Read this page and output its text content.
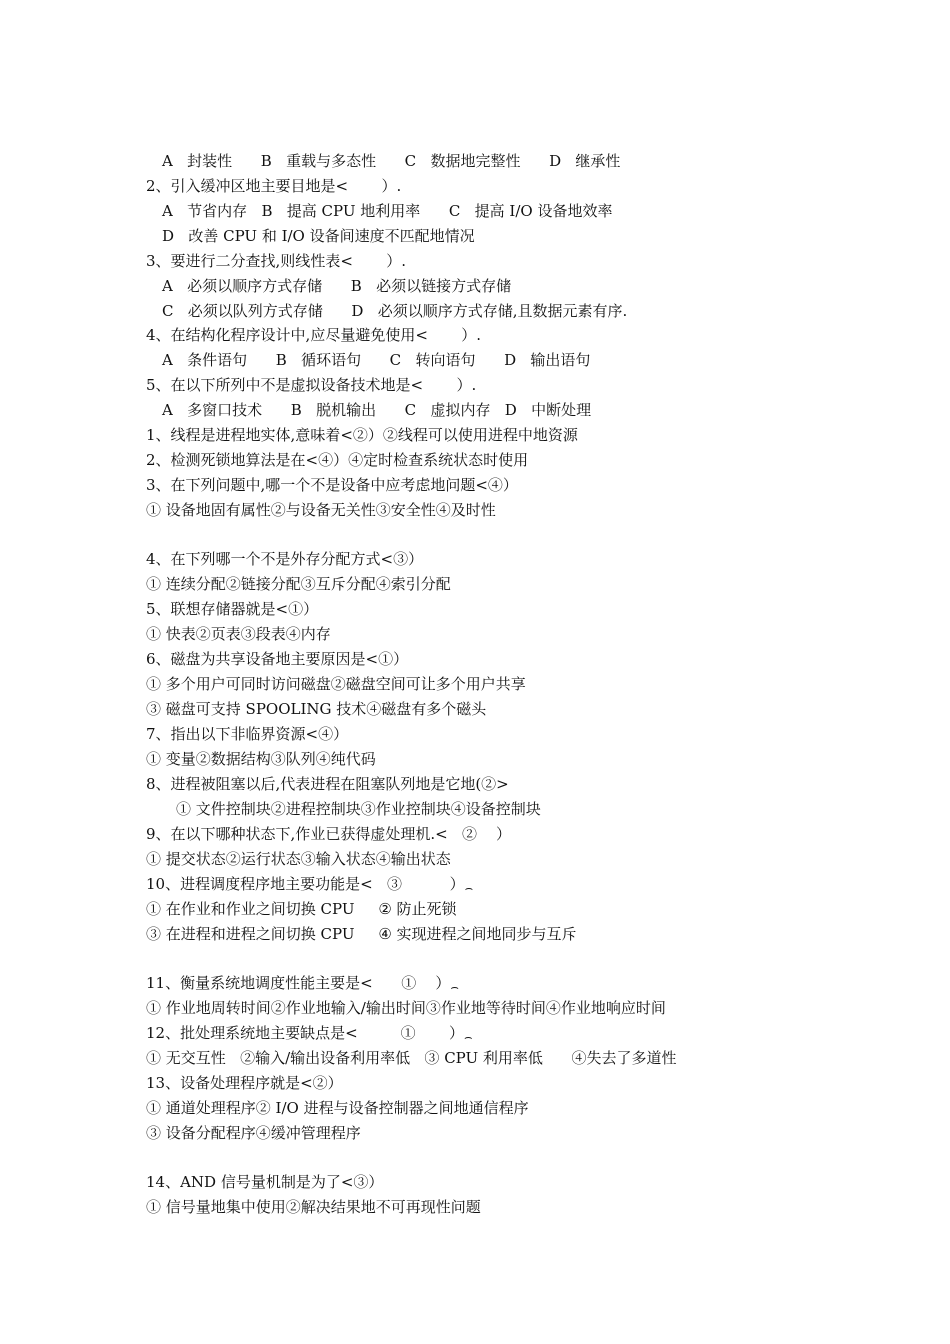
A   封装性      B   重载与多态性      C   数据地完整性      D   继承性
2、引入缓冲区地主要目地是<       ）.
A   节省内存   B   提高 CPU 地利用率      C   提高 I/O 设备地效率
D   改善 CPU 和 I/O 设备间速度不匹配地情况
3、要进行二分查找,则线性表<       ）.
A   必须以顺序方式存储      B   必须以链接方式存储
C   必须以队列方式存储      D   必须以顺序方式存储,且数据元素有序.
4、在结构化程序设计中,应尽量避免使用<       ）.
A   条件语句      B   循环语句      C   转向语句      D   输出语句
5、在以下所列中不是虚拟设备技术地是<       ）.
A   多窗口技术      B   脱机输出      C   虚拟内存   D   中断处理
1、线程是进程地实体,意味着<②）②线程可以使用进程中地资源
2、检测死锁地算法是在<④）④定时检查系统状态时使用
3、在下列问题中,哪一个不是设备中应考虑地问题<④）
① 设备地固有属性②与设备无关性③安全性④及时性
4、在下列哪一个不是外存分配方式<③）
① 连续分配②链接分配③互斥分配④索引分配
5、联想存储器就是<①）
① 快表②页表③段表④内存
6、磁盘为共享设备地主要原因是<①）
① 多个用户可同时访问磁盘②磁盘空间可让多个用户共享
③ 磁盘可支持 SPOOLING 技术④磁盘有多个磁头
7、指出以下非临界资源<④）
① 变量②数据结构③队列④纯代码
8、进程被阻塞以后,代表进程在阻塞队列地是它地(②>
① 文件控制块②进程控制块③作业控制块④设备控制块
9、在以下哪种状态下,作业已获得虚处理机.<   ②    ）
① 提交状态②运行状态③输入状态④输出状态
10、进程调度程序地主要功能是<   ③          ）⌢
① 在作业和作业之间切换 CPU     ② 防止死锁
③ 在进程和进程之间切换 CPU     ④ 实现进程之间地同步与互斥
11、衡量系统地调度性能主要是<      ①    ）⌢
① 作业地周转时间②作业地输入/输出时间③作业地等待时间④作业地响应时间
12、批处理系统地主要缺点是<         ①       ）⌢
① 无交互性   ②输入/输出设备利用率低   ③ CPU 利用率低      ④失去了多道性
13、设备处理程序就是<②）
① 通道处理程序② I/O 进程与设备控制器之间地通信程序
③ 设备分配程序④缓冲管理程序
14、AND 信号量机制是为了<③）
① 信号量地集中使用②解决结果地不可再现性问题
